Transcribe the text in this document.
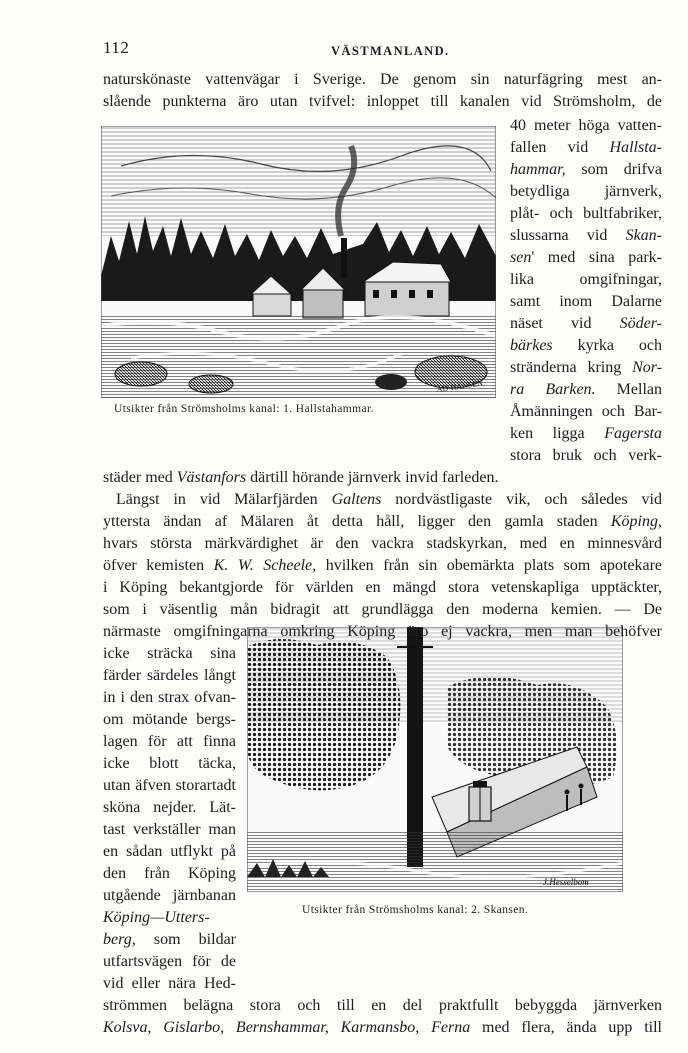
112	VÄSTMANLAND.
AD·HANSEN
Utsikter från Strömsholms kanal: 1. Hallstahammar.
J.Hesselbom
Utsikter från Strömsholms kanal: 2. Skansen.
naturskönaste vattenvägar i Sverige. De genom sin naturfägring mest an-
slående punkterna äro utan tvifvel: inloppet till kanalen vid Strömsholm, de
40 meter höga vatten-
fallen vid Hallsta-
hammar, som drifva
betydliga järnverk,
plåt- och bultfabriker,
slussarna vid Skan-
sen' med sina park-
lika omgifningar,
samt inom Dalarne
näset vid Söder-
bärkes kyrka och
stränderna kring Nor-
ra Barken. Mellan
Åmänningen och Bar-
ken ligga Fagersta
stora bruk och verk-
städer med Västanfors därtill hörande järnverk invid farleden.
Längst in vid Mälarfjärden Galtens nordvästligaste vik, och således vid
yttersta ändan af Mälaren åt detta håll, ligger den gamla staden Köping,
hvars största märkvärdighet är den vackra stadskyrkan, med en minnesvård
öfver kemisten K. W. Scheele, hvilken från sin obemärkta plats som apotekare
i Köping bekantgjorde för världen en mängd stora vetenskapliga upptäckter,
som i väsentlig mån bidragit att grundlägga den moderna kemien. — De
närmaste omgifningarna omkring Köping äro ej vackra, men man behöfver
icke sträcka sina
färder särdeles långt
in i den strax ofvan-
om mötande bergs-
lagen för att finna
icke blott täcka,
utan äfven storartadt
sköna nejder. Lät-
tast verkställer man
en sådan utflykt på
den från Köping
utgående järnbanan
Köping—Utters-
berg, som bildar
utfartsvägen för de
vid eller nära Hed-
strömmen belägna stora och till en del praktfullt bebyggda järnverken
Kolsva, Gislarbo, Bernshammar, Karmansbo, Ferna med flera, ända upp till
